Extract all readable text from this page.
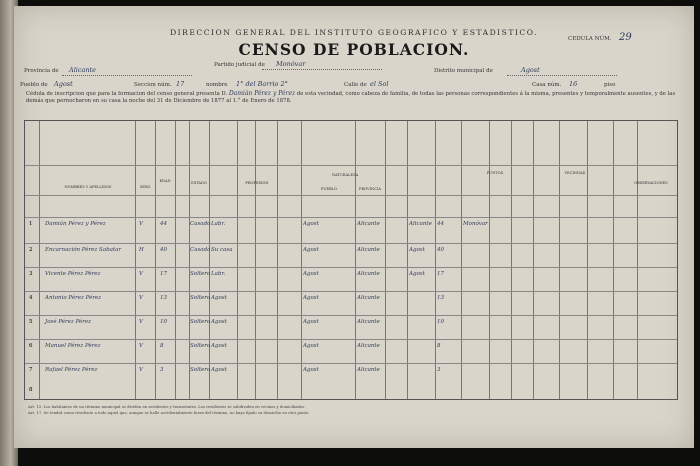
DIRECCION GENERAL DEL INSTITUTO GEOGRAFICO Y ESTADISTICO.
CENSO DE POBLACION.
CEDULA NÚM. 29
Partido judicial de Monóvar
Provincia de Alicante	Distrito municipal de	Agost
Pueblo de Agost	Seccion núm. 17	nombre 1° del Barrio 2°	Calle de el Sol	Casa núm. 16	piso
Cédula de inscripcion que para la formacion del censo general presenta D. Damián Pérez y Pérez de esta vecindad, como cabeza de familia, de todas las personas correspondientes á la misma, presentes y temporalmente ausentes, y de las demás que pernocharon en su casa la noche del 31 de Diciembre de 1877 al 1.° de Enero de 1878.
NOMBRES Y APELLIDOS	SEXO
EDAD	ESTADO	PROFESION
NATURALEZA
PUEBLO	PROVINCIA
PUNTOS	VECINDAD
OBSERVACIONES
1 Damián Pérez y Pérez	V	44	Casado Labr.	Agost	Alicante	Alicante 44	Monóvar
2 Encarnación Pérez Sabatar	H	40	Casada Su casa	Agost	Alicante	Agost 40
3 Vicente Pérez Pérez	V	17	Soltero Labr.	Agost	Alicante	Agost 17
4 Antonio Pérez Pérez	V	13	Soltero Agost	Agost	Alicante	13
5 José Pérez Pérez	V	10	Soltero Agost	Agost	Alicante	10
6 Manuel Pérez Pérez	V	8	Soltero Agost	Agost	Alicante	8
7 Rafael Pérez Pérez	V	3	Soltero Agost	Agost	Alicante	3
8
Art. 15. Los habitantes de un término municipal se dividen en residentes y transeúntes. Los residentes se subdividen en vecinos y domiciliados.
Art. 17. Se tendrá como residente a todo aquel que, aunque se halle accidentalmente fuera del término, no haya fijado su domicilio en otro punto.
